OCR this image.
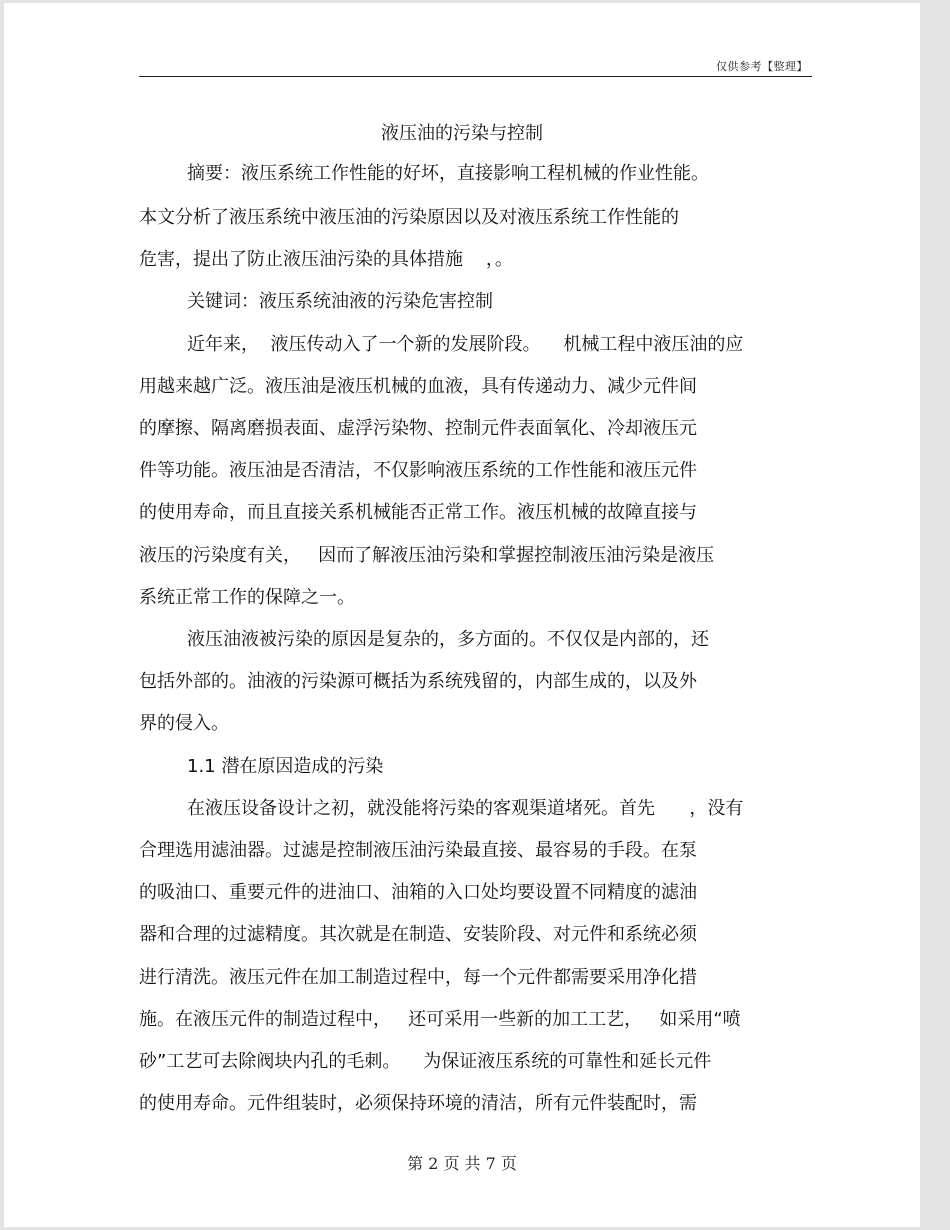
仅供参考【整理】
液压油的污染与控制
摘要：液压系统工作性能的好坏，直接影响工程机械的作业性能。
本文分析了液压系统中液压油的污染原因以及对液压系统工作性能的
危害，提出了防止液压油污染的具体措施    ，。
关键词：液压系统油液的污染危害控制
近年来，  液压传动入了一个新的发展阶段。    机械工程中液压油的应
用越来越广泛。液压油是液压机械的血液，具有传递动力、减少元件间
的摩擦、隔离磨损表面、虚浮污染物、控制元件表面氧化、冷却液压元
件等功能。液压油是否清洁，不仅影响液压系统的工作性能和液压元件
的使用寿命，而且直接关系机械能否正常工作。液压机械的故障直接与
液压的污染度有关，   因而了解液压油污染和掌握控制液压油污染是液压
系统正常工作的保障之一。
液压油液被污染的原因是复杂的，多方面的。不仅仅是内部的，还
包括外部的。油液的污染源可概括为系统残留的，内部生成的，以及外
界的侵入。
1.1 潜在原因造成的污染
在液压设备设计之初，就没能将污染的客观渠道堵死。首先      ，没有
合理选用滤油器。过滤是控制液压油污染最直接、最容易的手段。在泵
的吸油口、重要元件的进油口、油箱的入口处均要设置不同精度的滤油
器和合理的过滤精度。其次就是在制造、安装阶段、对元件和系统必须
进行清洗。液压元件在加工制造过程中，每一个元件都需要采用净化措
施。在液压元件的制造过程中，   还可采用一些新的加工工艺，   如采用“喷
砂”工艺可去除阀块内孔的毛刺。    为保证液压系统的可靠性和延长元件
的使用寿命。元件组装时，必须保持环境的清洁，所有元件装配时，需
第 2 页 共 7 页
